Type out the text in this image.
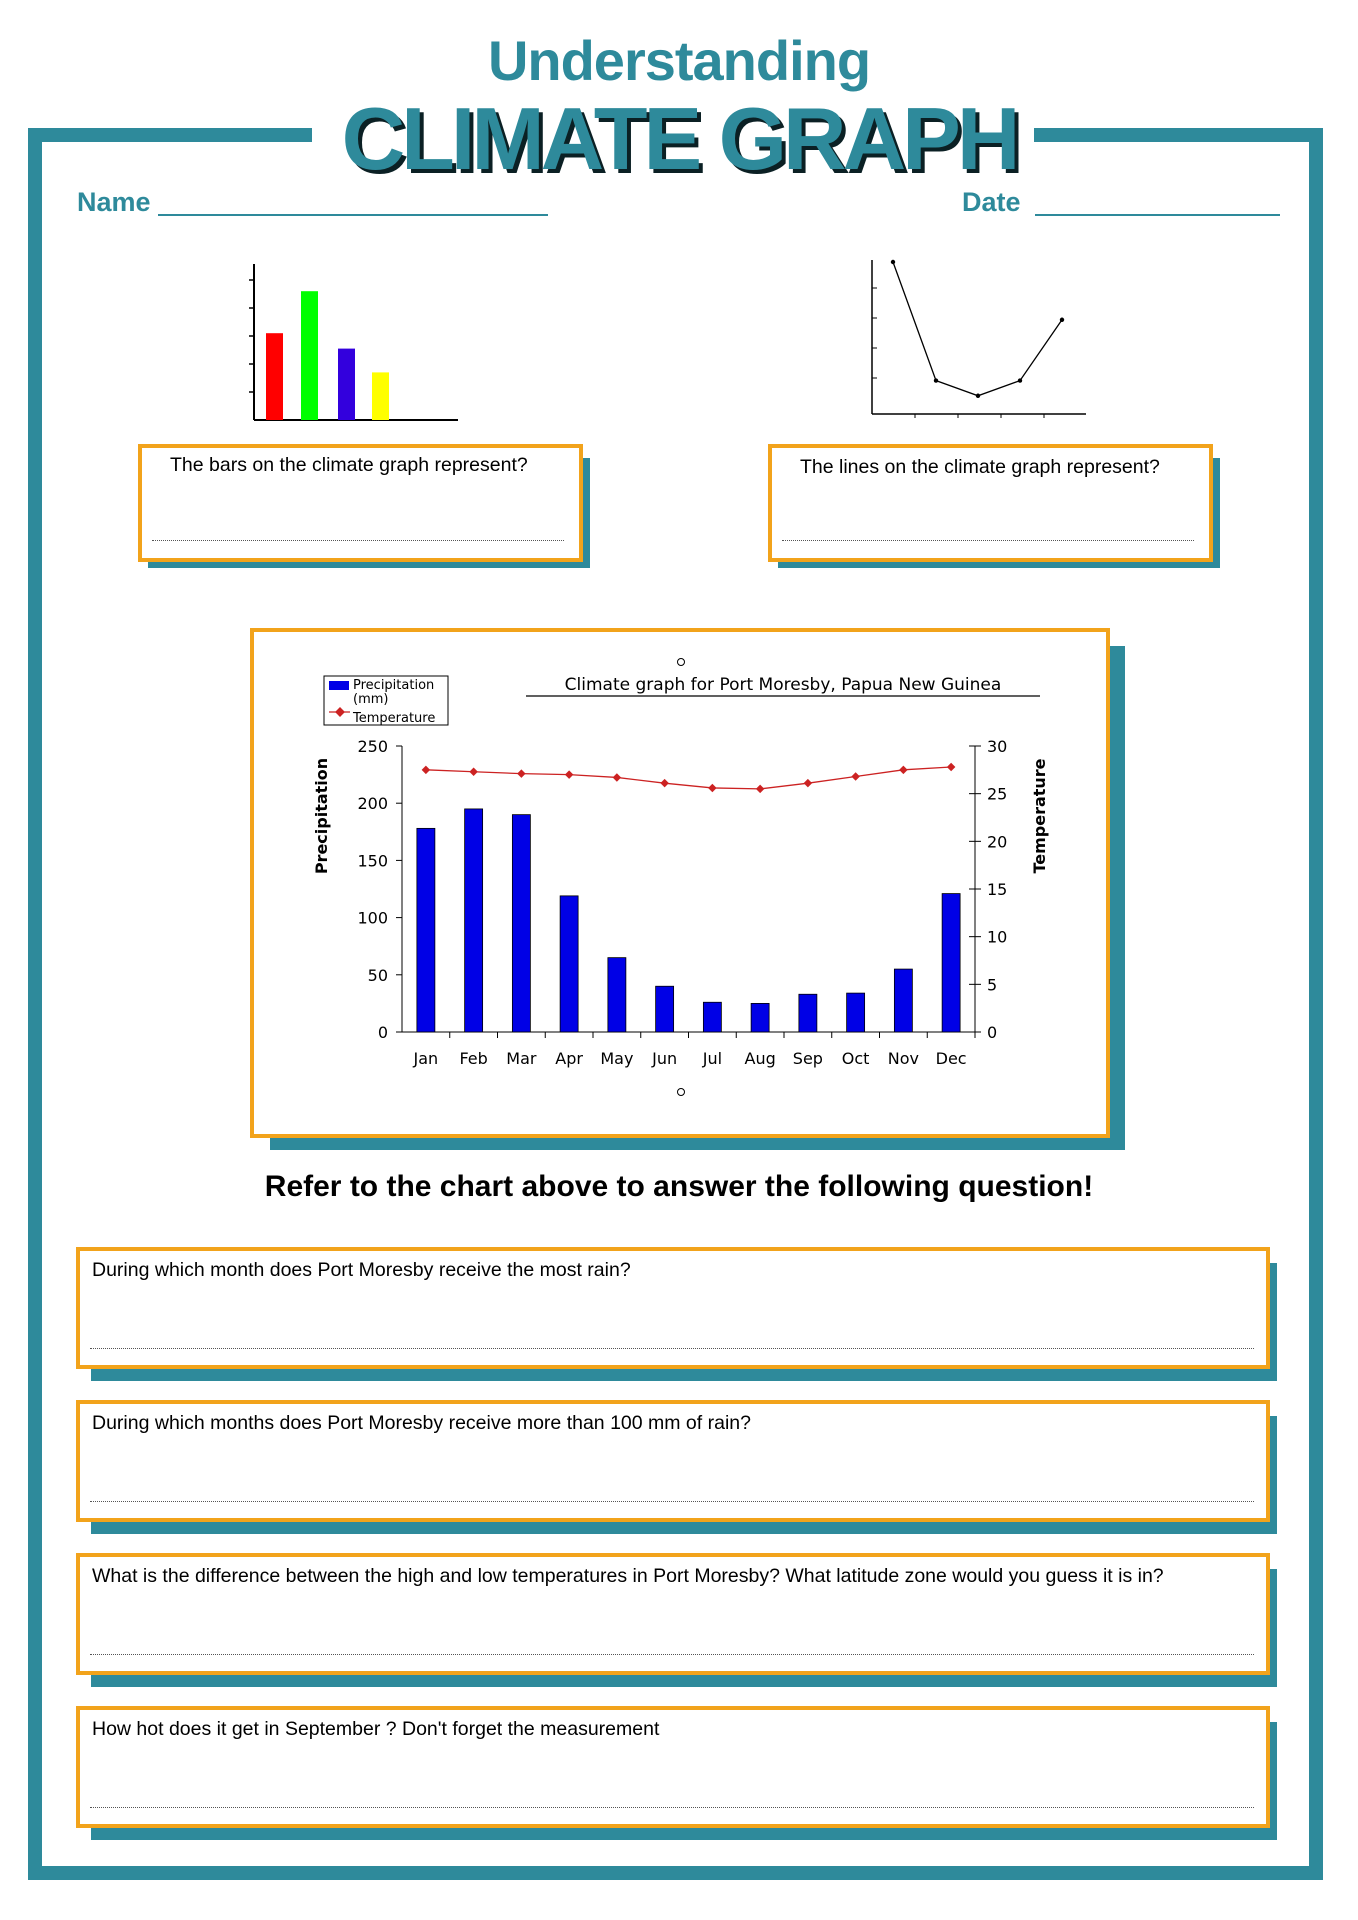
Understanding
CLIMATE GRAPH
Name	Date
The bars on the climate graph represent?	The lines on the climate graph represent?
Climate graph for Port Moresby, Papua New Guinea
Precipitation
(mm)
Temperature
Precipitation	Temperature
0
50
100
150
200
250
0
5
10
15
20
25
30
Jan Feb Mar Apr May Jun Jul Aug Sep Oct Nov Dec
Refer to the chart above to answer the following question!
During which month does Port Moresby receive the most rain?
During which months does Port Moresby receive more than 100 mm of rain?
What is the difference between the high and low temperatures in Port Moresby? What latitude zone would you guess it is in?
How hot does it get in September ? Don't forget the measurement
